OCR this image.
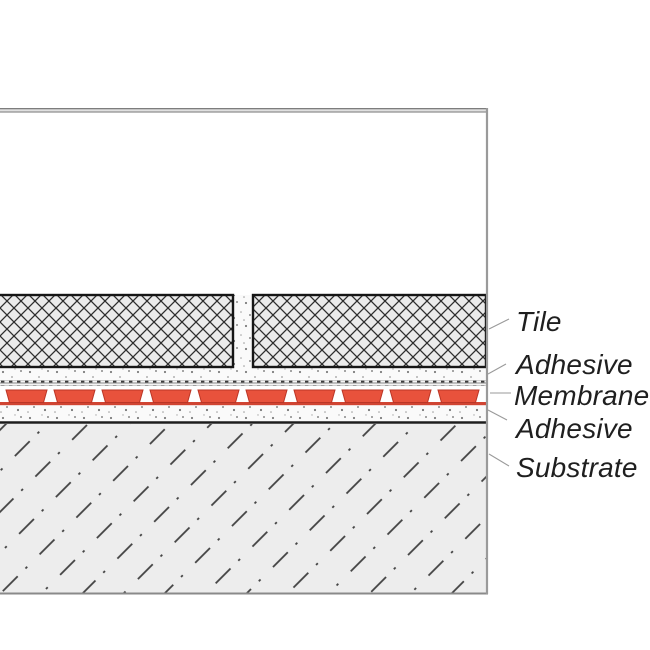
Tile
Adhesive
Membrane
Adhesive
Substrate
